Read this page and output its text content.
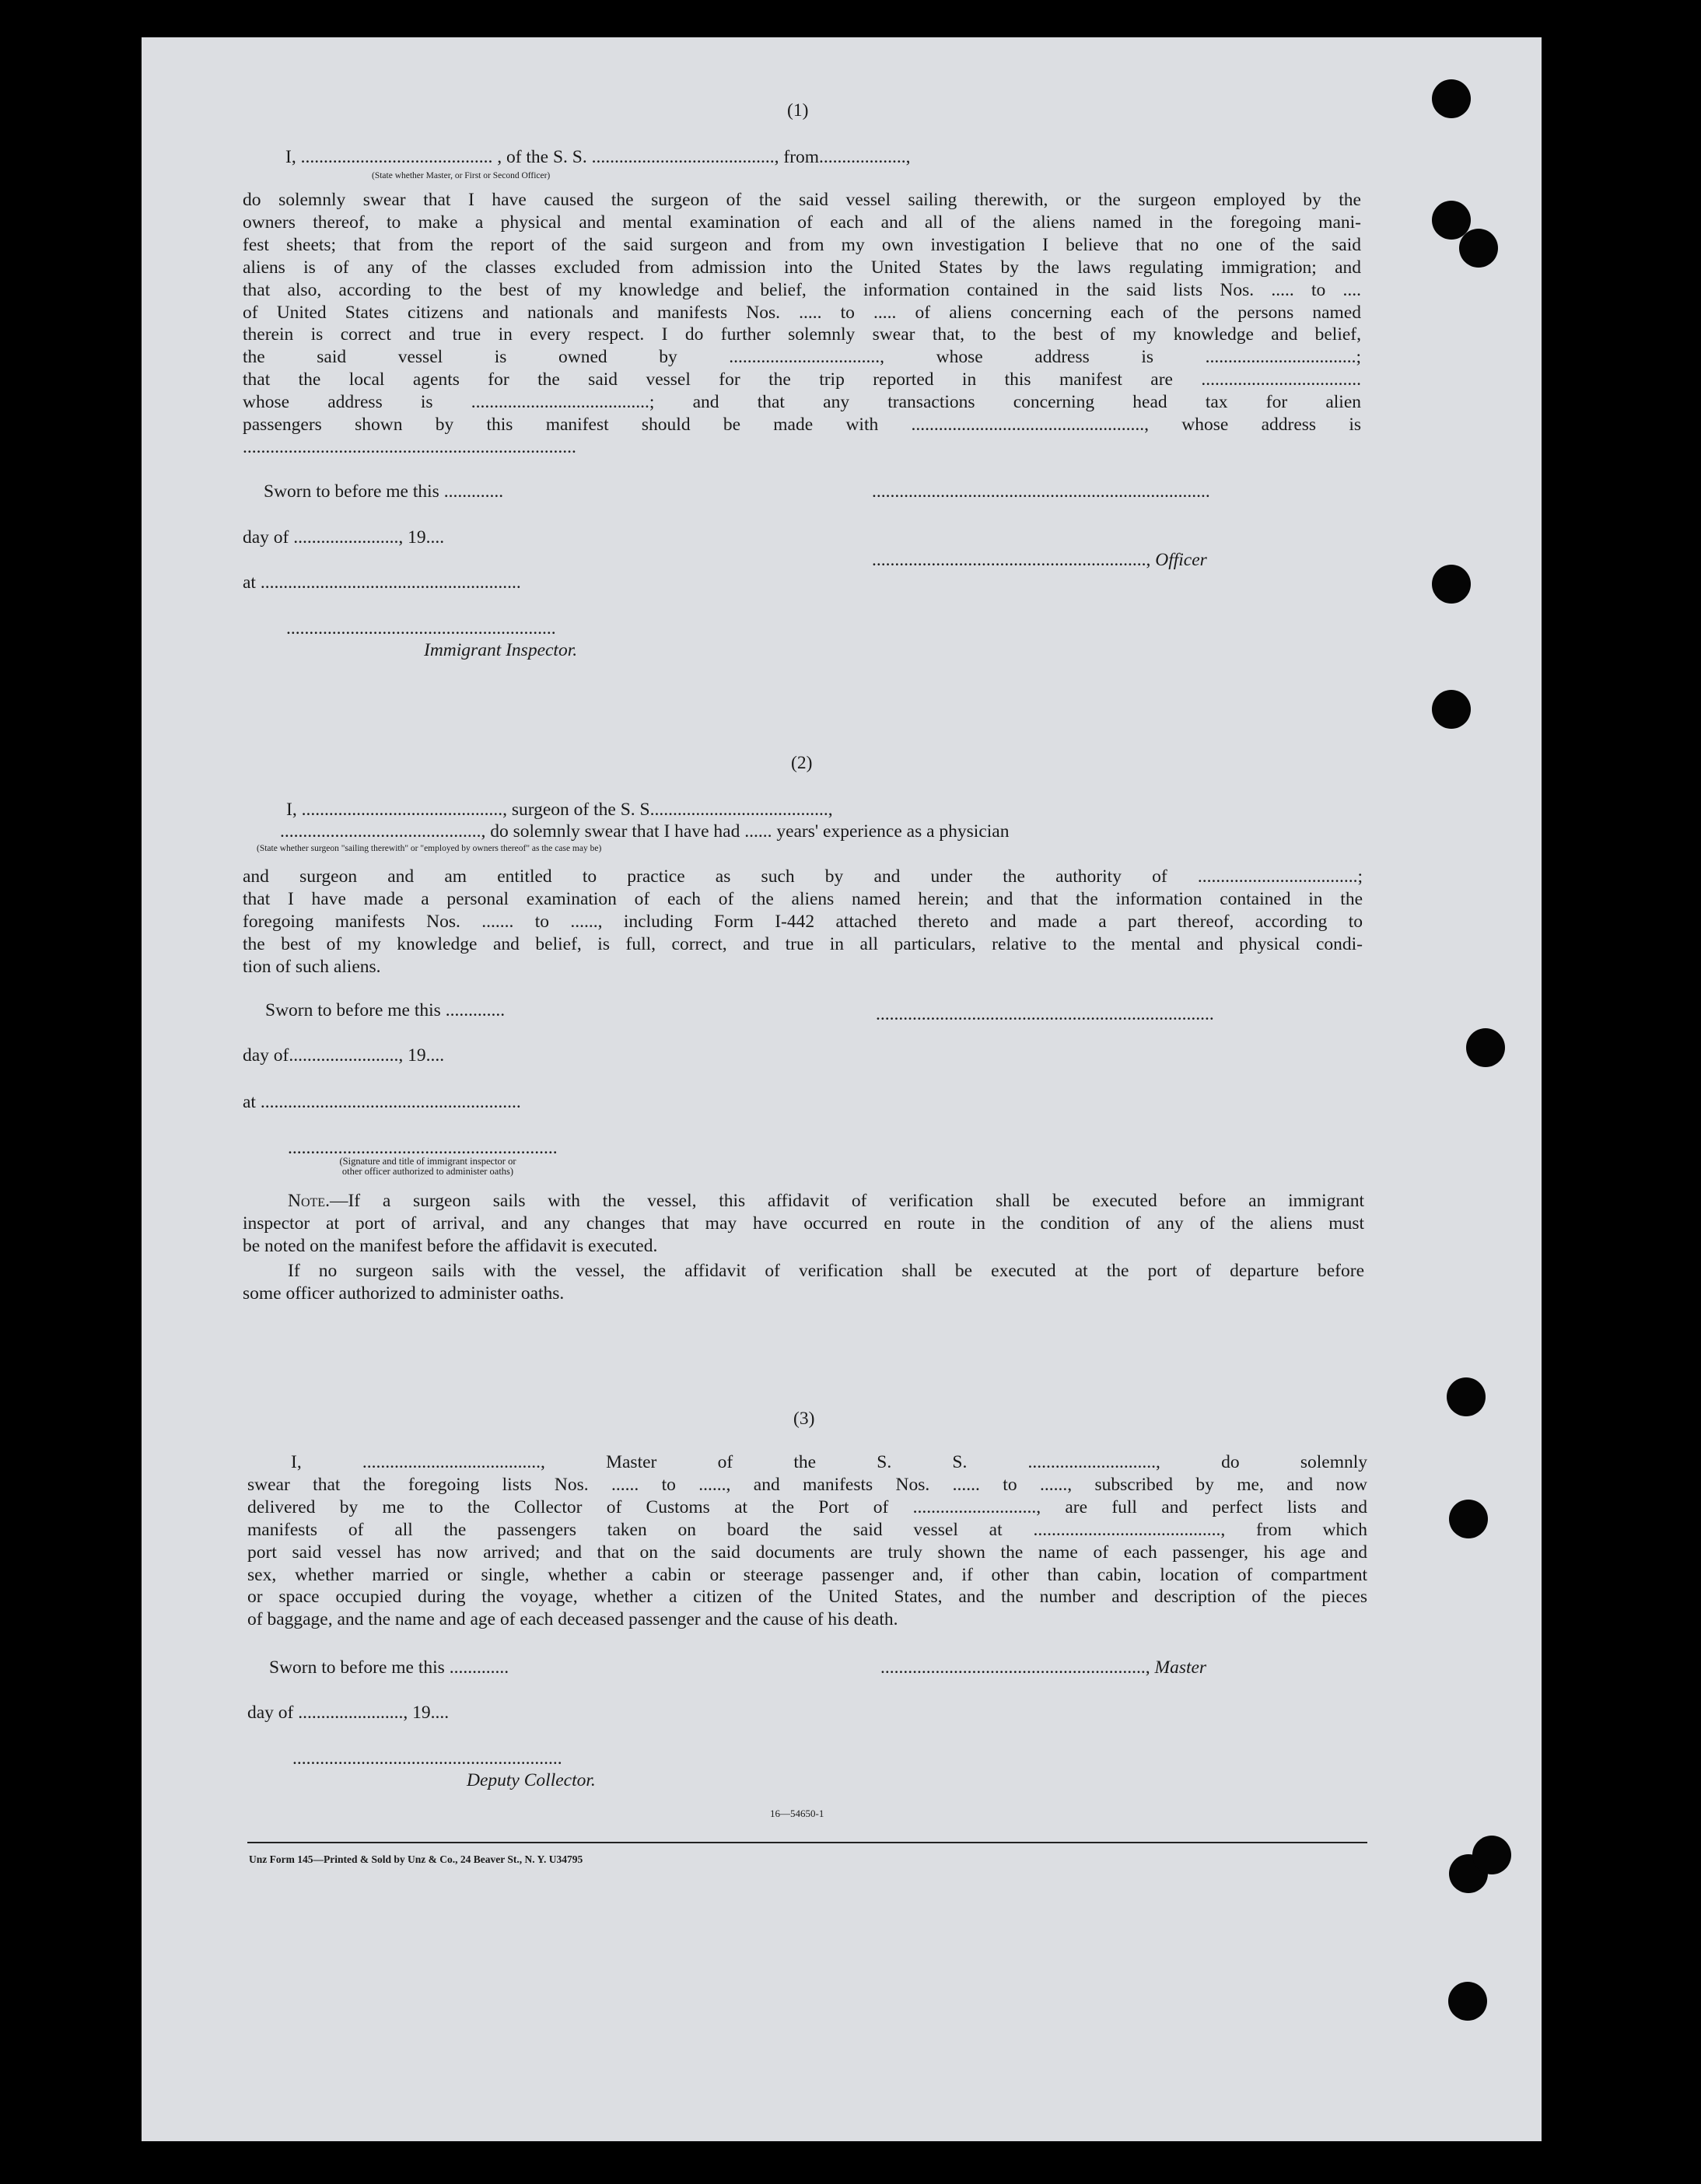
(1)
I, .......................................... , of the S. S. ........................................, from...................,
(State whether Master, or First or Second Officer)
do solemnly swear that I have caused the surgeon of the said vessel sailing therewith, or the surgeon employed by the
owners thereof, to make a physical and mental examination of each and all of the aliens named in the foregoing mani-
fest sheets; that from the report of the said surgeon and from my own investigation I believe that no one of the said
aliens is of any of the classes excluded from admission into the United States by the laws regulating immigration; and
that also, according to the best of my knowledge and belief, the information contained in the said lists Nos. ..... to ....
of United States citizens and nationals and manifests Nos. ..... to ..... of aliens concerning each of the persons named
therein is correct and true in every respect. I do further solemnly swear that, to the best of my knowledge and belief,
the said vessel is owned by ................................., whose address is .................................;
that the local agents for the said vessel for the trip reported in this manifest are ...................................
whose address is .......................................; and that any transactions concerning head tax for alien
passengers shown by this manifest should be made with ..................................................., whose address is
.........................................................................
Sworn to before me this .............	..........................................................................
day of ......................., 19....
............................................................, Officer
at .........................................................
...........................................................
Immigrant Inspector.
(2)
I, ............................................, surgeon of the S. S.......................................,
............................................, do solemnly swear that I have had ...... years' experience as a physician
(State whether surgeon "sailing therewith" or "employed by owners thereof" as the case may be)
and surgeon and am entitled to practice as such by and under the authority of ...................................;
that I have made a personal examination of each of the aliens named herein; and that the information contained in the
foregoing manifests Nos. ....... to ......, including Form I-442 attached thereto and made a part thereof, according to
the best of my knowledge and belief, is full, correct, and true in all particulars, relative to the mental and physical condi-
tion of such aliens.
Sworn to before me this .............	..........................................................................
day of........................, 19....
at .........................................................
...........................................................
(Signature and title of immigrant inspector or
other officer authorized to administer oaths)
Note.—If a surgeon sails with the vessel, this affidavit of verification shall be executed before an immigrant
inspector at port of arrival, and any changes that may have occurred en route in the condition of any of the aliens must
be noted on the manifest before the affidavit is executed.
If no surgeon sails with the vessel, the affidavit of verification shall be executed at the port of departure before
some officer authorized to administer oaths.
(3)
I, ......................................., Master of the S. S. ............................, do solemnly
swear that the foregoing lists Nos. ...... to ......, and manifests Nos. ...... to ......, subscribed by me, and now
delivered by me to the Collector of Customs at the Port of ..........................., are full and perfect lists and
manifests of all the passengers taken on board the said vessel at ........................................., from which
port said vessel has now arrived; and that on the said documents are truly shown the name of each passenger, his age and
sex, whether married or single, whether a cabin or steerage passenger and, if other than cabin, location of compartment
or space occupied during the voyage, whether a citizen of the United States, and the number and description of the pieces
of baggage, and the name and age of each deceased passenger and the cause of his death.
Sworn to before me this .............	.........................................................., Master
day of ......................., 19....
...........................................................
Deputy Collector.
16—54650-1
Unz Form 145—Printed & Sold by Unz & Co., 24 Beaver St., N. Y. U34795
